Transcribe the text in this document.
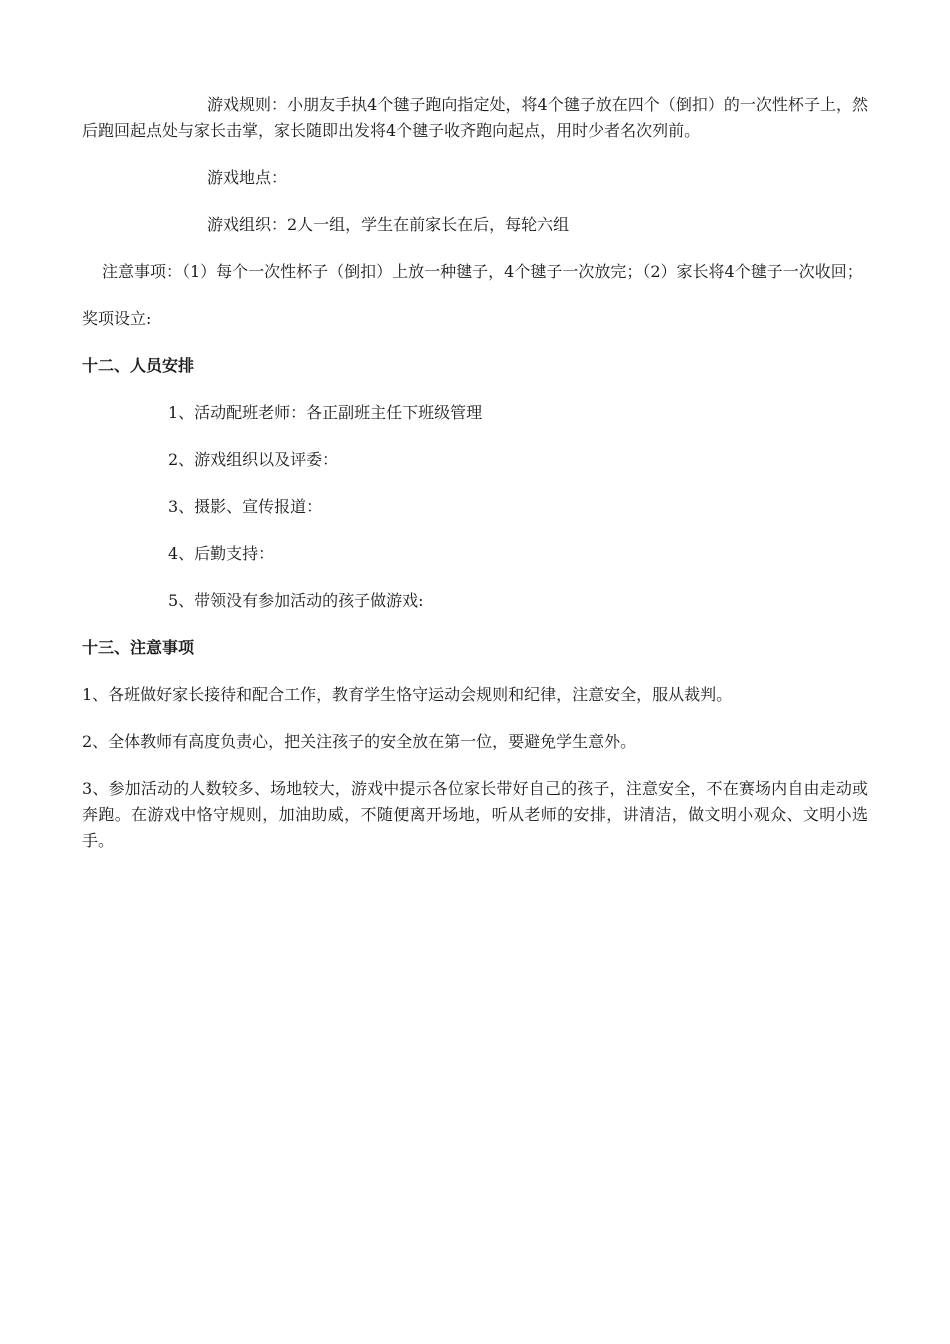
游戏规则：小朋友手执4个毽子跑向指定处，将4个毽子放在四个（倒扣）的一次性杯子上，然后跑回起点处与家长击掌，家长随即出发将4个毽子收齐跑向起点，用时少者名次列前。

游戏地点：

游戏组织：2人一组，学生在前家长在后，每轮六组

注意事项：（1）每个一次性杯子（倒扣）上放一种毽子，4个毽子一次放完；（2）家长将4个毽子一次收回；

奖项设立:

十二、人员安排

1、活动配班老师：各正副班主任下班级管理

2、游戏组织以及评委：

3、摄影、宣传报道：

4、后勤支持：

5、带领没有参加活动的孩子做游戏:

十三、注意事项

1、各班做好家长接待和配合工作，教育学生恪守运动会规则和纪律，注意安全，服从裁判。

2、全体教师有高度负责心，把关注孩子的安全放在第一位，要避免学生意外。

3、参加活动的人数较多、场地较大，游戏中提示各位家长带好自己的孩子，注意安全，不在赛场内自由走动或奔跑。在游戏中恪守规则，加油助威，不随便离开场地，听从老师的安排，讲清洁，做文明小观众、文明小选手。
